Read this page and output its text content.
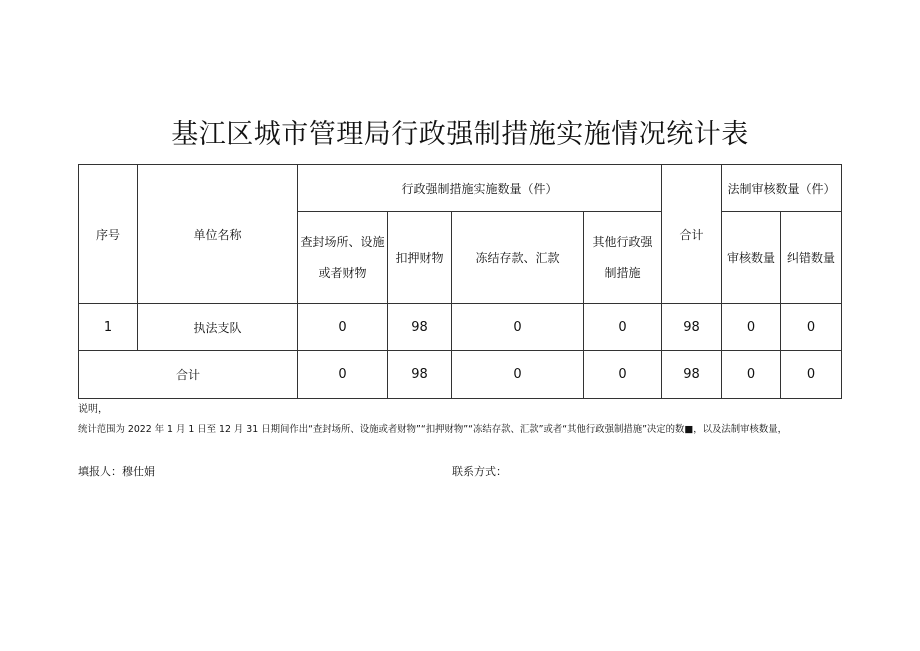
基江区城市管理局行政强制措施实施情况统计表
序号	单位名称	行政强制措施实施数量（件）				合计	法制审核数量（件）	
		查封场所、设施或者财物	扣押财物	冻结存款、汇款	其他行政强制措施		审核数量	纠错数量
1	执法支队	0	98	0	0	98	0	0
合计		0	98	0	0	98	0	0
说明，
统计范围为 2022 年 1 月 1 日至 12 月 31 日期间作出“查封场所、设施或者财物”“扣押财物”“冻结存款、汇款”或者“其他行政强制措施”决定的数■，以及法制审核数量，
填报人：穆仕娟	联系方式：
